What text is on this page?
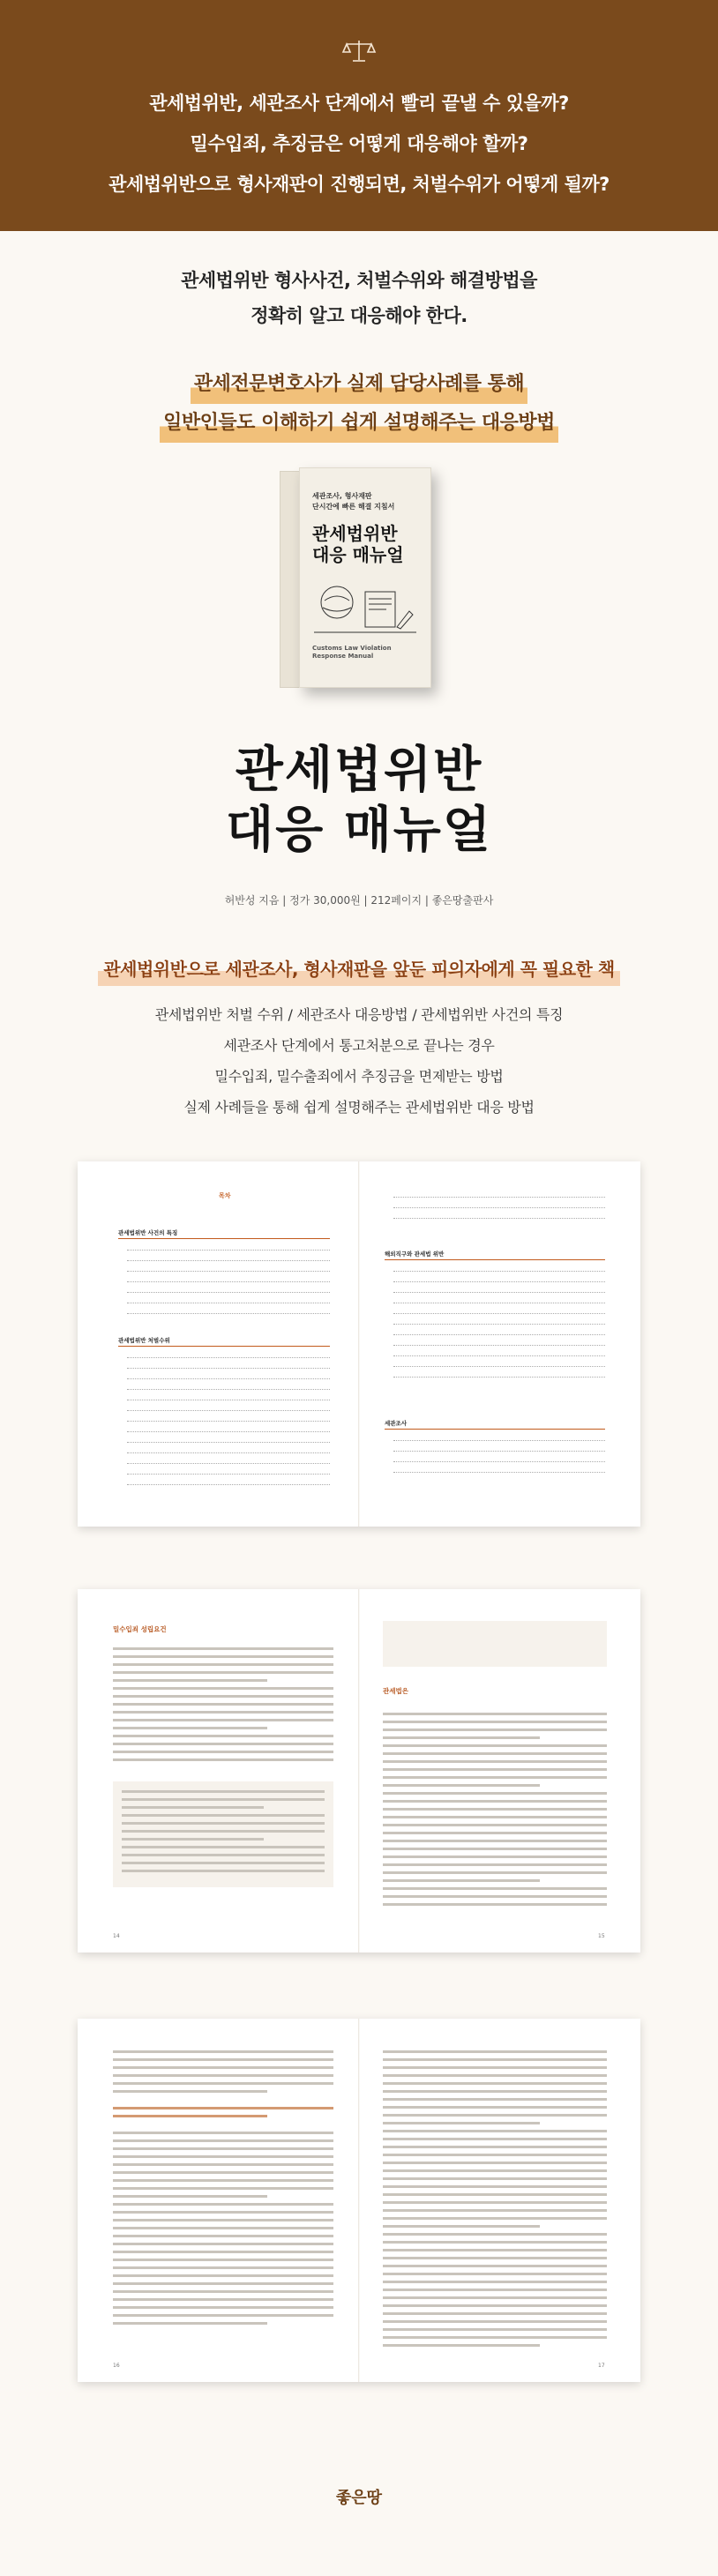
관세법위반, 세관조사 단계에서 빨리 끝낼 수 있을까?

밀수입죄, 추징금은 어떻게 대응해야 할까?

관세법위반으로 형사재판이 진행되면, 처벌수위가 어떻게 될까?

관세법위반 형사사건, 처벌수위와 해결방법을

정확히 알고 대응해야 한다.

관세전문변호사가 실제 담당사례를 통해
일반인들도 이해하기 쉽게 설명해주는 대응방법
세관조사, 형사재판
단시간에 빠른 해결 지침서
관세법위반
대응 매뉴얼
Customs Law Violation
Response Manual
관세법위반
대응 매뉴얼
허반성 지음 | 정가 30,000원 | 212페이지 | 좋은땅출판사
관세법위반으로 세관조사, 형사재판을 앞둔 피의자에게 꼭 필요한 책

관세법위반 처벌 수위 / 세관조사 대응방법 / 관세법위반 사건의 특징

세관조사 단계에서 통고처분으로 끝나는 경우

밀수입죄, 밀수출죄에서 추징금을 면제받는 방법

실제 사례들을 통해 쉽게 설명해주는 관세법위반 대응 방법

목차
관세법위반 사건의 특징
관세법위반 처벌수위
해외직구와 관세법 위반
세관조사
밀수입죄 성립요건
14
관세법은
15
16	17
좋은땅
